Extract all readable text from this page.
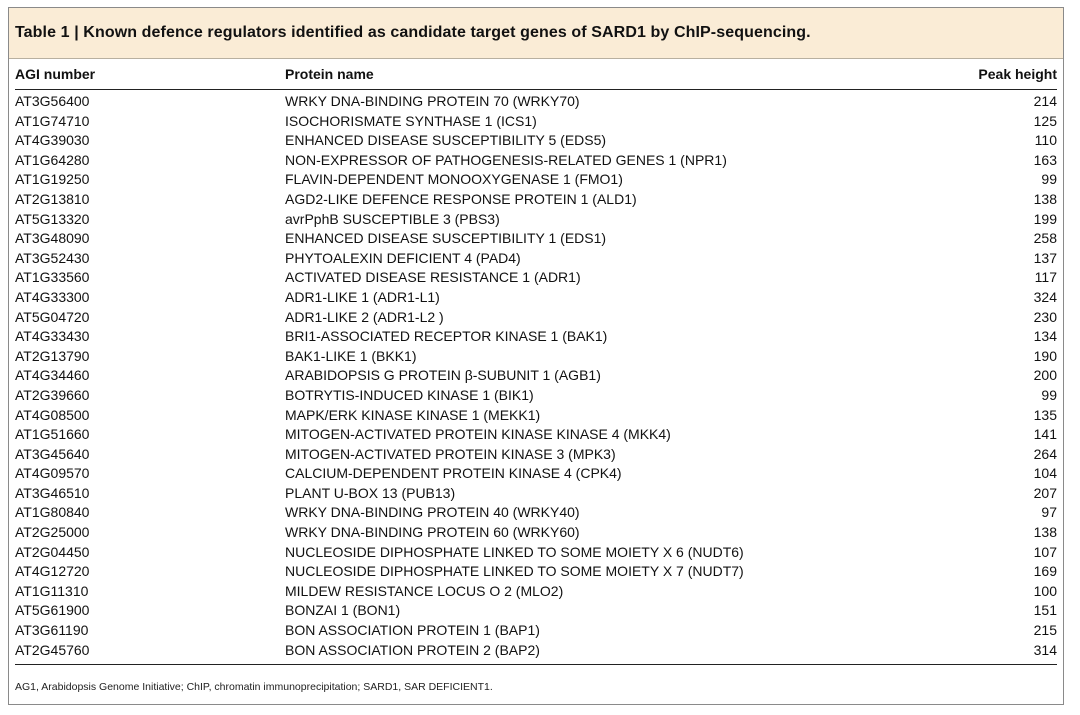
Table 1 | Known defence regulators identified as candidate target genes of SARD1 by ChIP-sequencing.
AGI number	Protein name	Peak height
AT3G56400	WRKY DNA-BINDING PROTEIN 70 (WRKY70)	214
AT1G74710	ISOCHORISMATE SYNTHASE 1 (ICS1)	125
AT4G39030	ENHANCED DISEASE SUSCEPTIBILITY 5 (EDS5)	110
AT1G64280	NON-EXPRESSOR OF PATHOGENESIS-RELATED GENES 1 (NPR1)	163
AT1G19250	FLAVIN-DEPENDENT MONOOXYGENASE 1 (FMO1)	99
AT2G13810	AGD2-LIKE DEFENCE RESPONSE PROTEIN 1 (ALD1)	138
AT5G13320	avrPphB SUSCEPTIBLE 3 (PBS3)	199
AT3G48090	ENHANCED DISEASE SUSCEPTIBILITY 1 (EDS1)	258
AT3G52430	PHYTOALEXIN DEFICIENT 4 (PAD4)	137
AT1G33560	ACTIVATED DISEASE RESISTANCE 1 (ADR1)	117
AT4G33300	ADR1-LIKE 1 (ADR1-L1)	324
AT5G04720	ADR1-LIKE 2 (ADR1-L2 )	230
AT4G33430	BRI1-ASSOCIATED RECEPTOR KINASE 1 (BAK1)	134
AT2G13790	BAK1-LIKE 1 (BKK1)	190
AT4G34460	ARABIDOPSIS G PROTEIN β-SUBUNIT 1 (AGB1)	200
AT2G39660	BOTRYTIS-INDUCED KINASE 1 (BIK1)	99
AT4G08500	MAPK/ERK KINASE KINASE 1 (MEKK1)	135
AT1G51660	MITOGEN-ACTIVATED PROTEIN KINASE KINASE 4 (MKK4)	141
AT3G45640	MITOGEN-ACTIVATED PROTEIN KINASE 3 (MPK3)	264
AT4G09570	CALCIUM-DEPENDENT PROTEIN KINASE 4 (CPK4)	104
AT3G46510	PLANT U-BOX 13 (PUB13)	207
AT1G80840	WRKY DNA-BINDING PROTEIN 40 (WRKY40)	97
AT2G25000	WRKY DNA-BINDING PROTEIN 60 (WRKY60)	138
AT2G04450	NUCLEOSIDE DIPHOSPHATE LINKED TO SOME MOIETY X 6 (NUDT6)	107
AT4G12720	NUCLEOSIDE DIPHOSPHATE LINKED TO SOME MOIETY X 7 (NUDT7)	169
AT1G11310	MILDEW RESISTANCE LOCUS O 2 (MLO2)	100
AT5G61900	BONZAI 1 (BON1)	151
AT3G61190	BON ASSOCIATION PROTEIN 1 (BAP1)	215
AT2G45760	BON ASSOCIATION PROTEIN 2 (BAP2)	314
AG1, Arabidopsis Genome Initiative; ChIP, chromatin immunoprecipitation; SARD1, SAR DEFICIENT1.
